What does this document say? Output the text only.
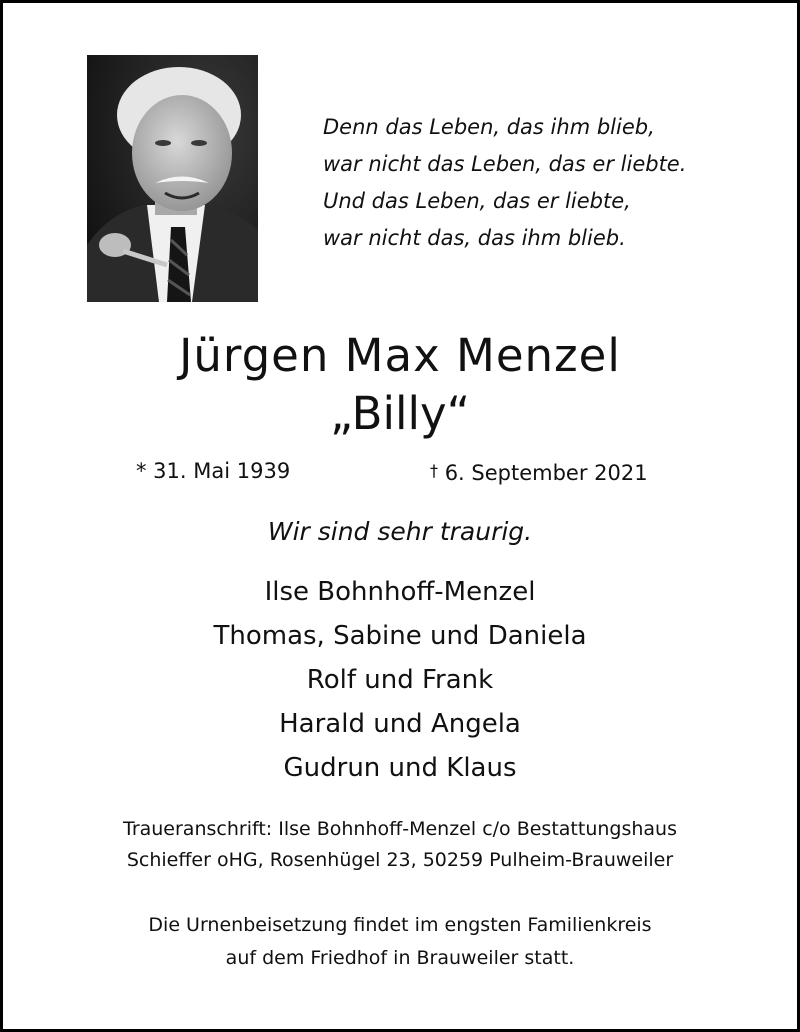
Denn das Leben, das ihm blieb,
war nicht das Leben, das er liebte.
Und das Leben, das er liebte,
war nicht das, das ihm blieb.
Jürgen Max Menzel
„Billy“
* 31. Mai 1939	† 6. September 2021
Wir sind sehr traurig.
Ilse Bohnhoff-Menzel
Thomas, Sabine und Daniela
Rolf und Frank
Harald und Angela
Gudrun und Klaus
Traueranschrift: Ilse Bohnhoff-Menzel c/o Bestattungshaus
Schieffer oHG, Rosenhügel 23, 50259 Pulheim-Brauweiler
Die Urnenbeisetzung findet im engsten Familienkreis
auf dem Friedhof in Brauweiler statt.
